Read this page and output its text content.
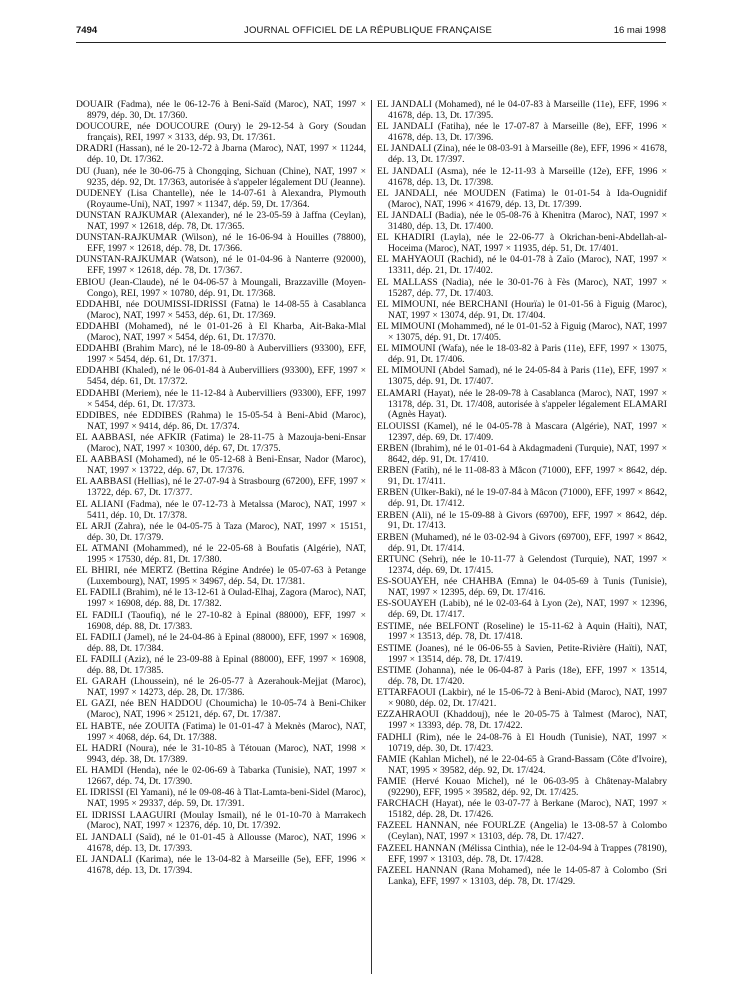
7494	JOURNAL OFFICIEL DE LA RÉPUBLIQUE FRANÇAISE	16 mai 1998

DOUAIR (Fadma), née le 06-12-76 à Beni-Saïd (Maroc), NAT, 1997 × 8979, dép. 30, Dt. 17/360.

DOUCOURE, née DOUCOURE (Oury) le 29-12-54 à Gory (Soudan français), REI, 1997 × 3133, dép. 93, Dt. 17/361.

DRADRI (Hassan), né le 20-12-72 à Jbarna (Maroc), NAT, 1997 × 11244, dép. 10, Dt. 17/362.

DU (Juan), née le 30-06-75 à Chongqing, Sichuan (Chine), NAT, 1997 × 9235, dép. 92, Dt. 17/363, autorisée à s'appeler légalement DU (Jeanne).

DUDENEY (Lisa Chantelle), née le 14-07-61 à Alexandra, Plymouth (Royaume-Uni), NAT, 1997 × 11347, dép. 59, Dt. 17/364.

DUNSTAN RAJKUMAR (Alexander), né le 23-05-59 à Jaffna (Ceylan), NAT, 1997 × 12618, dép. 78, Dt. 17/365.

DUNSTAN-RAJKUMAR (Wilson), né le 16-06-94 à Houilles (78800), EFF, 1997 × 12618, dép. 78, Dt. 17/366.

DUNSTAN-RAJKUMAR (Watson), né le 01-04-96 à Nanterre (92000), EFF, 1997 × 12618, dép. 78, Dt. 17/367.

EBIOU (Jean-Claude), né le 04-06-57 à Moungali, Brazzaville (Moyen-Congo), REI, 1997 × 10780, dép. 91, Dt. 17/368.

EDDAHBI, née DOUMISSI-IDRISSI (Fatna) le 14-08-55 à Casablanca (Maroc), NAT, 1997 × 5453, dép. 61, Dt. 17/369.

EDDAHBI (Mohamed), né le 01-01-26 à El Kharba, Ait-Baka-Mlal (Maroc), NAT, 1997 × 5454, dép. 61, Dt. 17/370.

EDDAHBI (Brahim Marc), né le 18-09-80 à Aubervilliers (93300), EFF, 1997 × 5454, dép. 61, Dt. 17/371.

EDDAHBI (Khaled), né le 06-01-84 à Aubervilliers (93300), EFF, 1997 × 5454, dép. 61, Dt. 17/372.

EDDAHBI (Meriem), née le 11-12-84 à Aubervilliers (93300), EFF, 1997 × 5454, dép. 61, Dt. 17/373.

EDDIBES, née EDDIBES (Rahma) le 15-05-54 à Beni-Abid (Maroc), NAT, 1997 × 9414, dép. 86, Dt. 17/374.

EL AABBASI, née AFKIR (Fatima) le 28-11-75 à Mazouja-beni-Ensar (Maroc), NAT, 1997 × 10300, dép. 67, Dt. 17/375.

EL AABBASI (Mohamed), né le 05-12-68 à Beni-Ensar, Nador (Maroc), NAT, 1997 × 13722, dép. 67, Dt. 17/376.

EL AABBASI (Hellias), né le 27-07-94 à Strasbourg (67200), EFF, 1997 × 13722, dép. 67, Dt. 17/377.

EL ALIANI (Fadma), née le 07-12-73 à Metalssa (Maroc), NAT, 1997 × 5411, dép. 10, Dt. 17/378.

EL ARJI (Zahra), née le 04-05-75 à Taza (Maroc), NAT, 1997 × 15151, dép. 30, Dt. 17/379.

EL ATMANI (Mohammed), né le 22-05-68 à Boufatis (Algérie), NAT, 1995 × 17530, dép. 81, Dt. 17/380.

EL BHIRI, née MERTZ (Bettina Régine Andrée) le 05-07-63 à Petange (Luxembourg), NAT, 1995 × 34967, dép. 54, Dt. 17/381.

EL FADILI (Brahim), né le 13-12-61 à Oulad-Elhaj, Zagora (Maroc), NAT, 1997 × 16908, dép. 88, Dt. 17/382.

EL FADILI (Taoufiq), né le 27-10-82 à Epinal (88000), EFF, 1997 × 16908, dép. 88, Dt. 17/383.

EL FADILI (Jamel), né le 24-04-86 à Epinal (88000), EFF, 1997 × 16908, dép. 88, Dt. 17/384.

EL FADILI (Aziz), né le 23-09-88 à Epinal (88000), EFF, 1997 × 16908, dép. 88, Dt. 17/385.

EL GARAH (Lhoussein), né le 26-05-77 à Azerahouk-Mejjat (Maroc), NAT, 1997 × 14273, dép. 28, Dt. 17/386.

EL GAZI, née BEN HADDOU (Choumicha) le 10-05-74 à Beni-Chiker (Maroc), NAT, 1996 × 25121, dép. 67, Dt. 17/387.

EL HABTE, née ZOUITA (Fatima) le 01-01-47 à Meknès (Maroc), NAT, 1997 × 4068, dép. 64, Dt. 17/388.

EL HADRI (Noura), née le 31-10-85 à Tétouan (Maroc), NAT, 1998 × 9943, dép. 38, Dt. 17/389.

EL HAMDI (Henda), née le 02-06-69 à Tabarka (Tunisie), NAT, 1997 × 12667, dép. 74, Dt. 17/390.

EL IDRISSI (El Yamani), né le 09-08-46 à Tlat-Lamta-beni-Sidel (Maroc), NAT, 1995 × 29337, dép. 59, Dt. 17/391.

EL IDRISSI LAAGUIRI (Moulay Ismail), né le 01-10-70 à Marrakech (Maroc), NAT, 1997 × 12376, dép. 10, Dt. 17/392.

EL JANDALI (Saïd), né le 01-01-45 à Allousse (Maroc), NAT, 1996 × 41678, dép. 13, Dt. 17/393.

EL JANDALI (Karima), née le 13-04-82 à Marseille (5e), EFF, 1996 × 41678, dép. 13, Dt. 17/394.

EL JANDALI (Mohamed), né le 04-07-83 à Marseille (11e), EFF, 1996 × 41678, dép. 13, Dt. 17/395.

EL JANDALI (Fatiha), née le 17-07-87 à Marseille (8e), EFF, 1996 × 41678, dép. 13, Dt. 17/396.

EL JANDALI (Zina), née le 08-03-91 à Marseille (8e), EFF, 1996 × 41678, dép. 13, Dt. 17/397.

EL JANDALI (Asma), née le 12-11-93 à Marseille (12e), EFF, 1996 × 41678, dép. 13, Dt. 17/398.

EL JANDALI, née MOUDEN (Fatima) le 01-01-54 à Ida-Ougnidif (Maroc), NAT, 1996 × 41679, dép. 13, Dt. 17/399.

EL JANDALI (Badia), née le 05-08-76 à Khenitra (Maroc), NAT, 1997 × 31480, dép. 13, Dt. 17/400.

EL KHADIRI (Layla), née le 22-06-77 à Okrichan-beni-Abdellah-al-Hoceima (Maroc), NAT, 1997 × 11935, dép. 51, Dt. 17/401.

EL MAHYAOUI (Rachid), né le 04-01-78 à Zaïo (Maroc), NAT, 1997 × 13311, dép. 21, Dt. 17/402.

EL MALLASS (Nadia), née le 30-01-76 à Fès (Maroc), NAT, 1997 × 15287, dép. 77, Dt. 17/403.

EL MIMOUNI, née BERCHANI (Hourïa) le 01-01-56 à Figuig (Maroc), NAT, 1997 × 13074, dép. 91, Dt. 17/404.

EL MIMOUNI (Mohammed), né le 01-01-52 à Figuig (Maroc), NAT, 1997 × 13075, dép. 91, Dt. 17/405.

EL MIMOUNI (Wafa), née le 18-03-82 à Paris (11e), EFF, 1997 × 13075, dép. 91, Dt. 17/406.

EL MIMOUNI (Abdel Samad), né le 24-05-84 à Paris (11e), EFF, 1997 × 13075, dép. 91, Dt. 17/407.

ELAMARI (Hayat), née le 28-09-78 à Casablanca (Maroc), NAT, 1997 × 13178, dép. 31, Dt. 17/408, autorisée à s'appeler légalement ELAMARI (Agnès Hayat).

ELOUISSI (Kamel), né le 04-05-78 à Mascara (Algérie), NAT, 1997 × 12397, dép. 69, Dt. 17/409.

ERBEN (Ibrahim), né le 01-01-64 à Akdagmadeni (Turquie), NAT, 1997 × 8642, dép. 91, Dt. 17/410.

ERBEN (Fatih), né le 11-08-83 à Mâcon (71000), EFF, 1997 × 8642, dép. 91, Dt. 17/411.

ERBEN (Ulker-Baki), né le 19-07-84 à Mâcon (71000), EFF, 1997 × 8642, dép. 91, Dt. 17/412.

ERBEN (Ali), né le 15-09-88 à Givors (69700), EFF, 1997 × 8642, dép. 91, Dt. 17/413.

ERBEN (Muhamed), né le 03-02-94 à Givors (69700), EFF, 1997 × 8642, dép. 91, Dt. 17/414.

ERTUNC (Sehri), née le 10-11-77 à Gelendost (Turquie), NAT, 1997 × 12374, dép. 69, Dt. 17/415.

ES-SOUAYEH, née CHAHBA (Emna) le 04-05-69 à Tunis (Tunisie), NAT, 1997 × 12395, dép. 69, Dt. 17/416.

ES-SOUAYEH (Labib), né le 02-03-64 à Lyon (2e), NAT, 1997 × 12396, dép. 69, Dt. 17/417.

ESTIME, née BELFONT (Roseline) le 15-11-62 à Aquin (Haïti), NAT, 1997 × 13513, dép. 78, Dt. 17/418.

ESTIME (Joanes), né le 06-06-55 à Savien, Petite-Rivière (Haïti), NAT, 1997 × 13514, dép. 78, Dt. 17/419.

ESTIME (Johanna), née le 06-04-87 à Paris (18e), EFF, 1997 × 13514, dép. 78, Dt. 17/420.

ETTARFAOUI (Lakbir), né le 15-06-72 à Beni-Abid (Maroc), NAT, 1997 × 9080, dép. 02, Dt. 17/421.

EZZAHRAOUI (Khaddouj), née le 20-05-75 à Talmest (Maroc), NAT, 1997 × 13393, dép. 78, Dt. 17/422.

FADHLI (Rim), née le 24-08-76 à El Houdh (Tunisie), NAT, 1997 × 10719, dép. 30, Dt. 17/423.

FAMIE (Kahlan Michel), né le 22-04-65 à Grand-Bassam (Côte d'Ivoire), NAT, 1995 × 39582, dép. 92, Dt. 17/424.

FAMIE (Hervé Kouao Michel), né le 06-03-95 à Châtenay-Malabry (92290), EFF, 1995 × 39582, dép. 92, Dt. 17/425.

FARCHACH (Hayat), née le 03-07-77 à Berkane (Maroc), NAT, 1997 × 15182, dép. 28, Dt. 17/426.

FAZEEL HANNAN, née FOURLZE (Angelia) le 13-08-57 à Colombo (Ceylan), NAT, 1997 × 13103, dép. 78, Dt. 17/427.

FAZEEL HANNAN (Mélissa Cinthia), née le 12-04-94 à Trappes (78190), EFF, 1997 × 13103, dép. 78, Dt. 17/428.

FAZEEL HANNAN (Rana Mohamed), née le 14-05-87 à Colombo (Sri Lanka), EFF, 1997 × 13103, dép. 78, Dt. 17/429.
